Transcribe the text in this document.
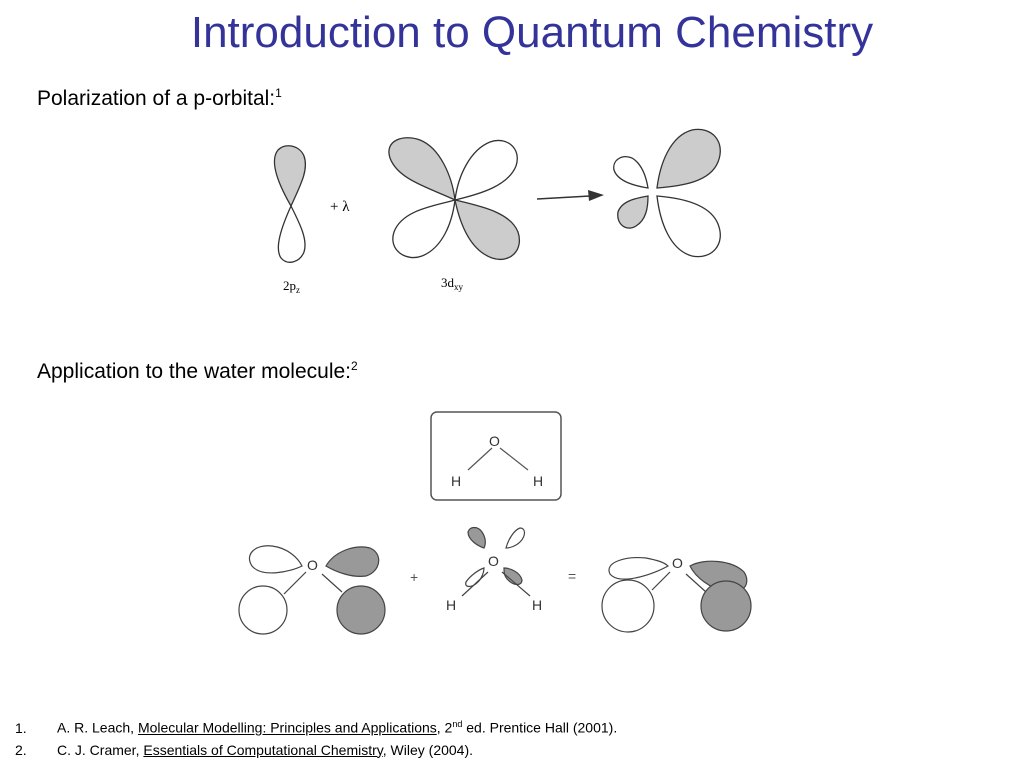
Introduction to Quantum Chemistry
Polarization of a p-orbital:$^1$
$2p_z$
+ λ
$3d_{xy}$
O
H	H
O
+
O
H	H
=
O
Application to the water molecule:$^2$
1. A. R. Leach, Molecular Modelling: Principles and Applications, 2nd ed. Prentice Hall (2001).
2. C. J. Cramer, Essentials of Computational Chemistry, Wiley (2004).
